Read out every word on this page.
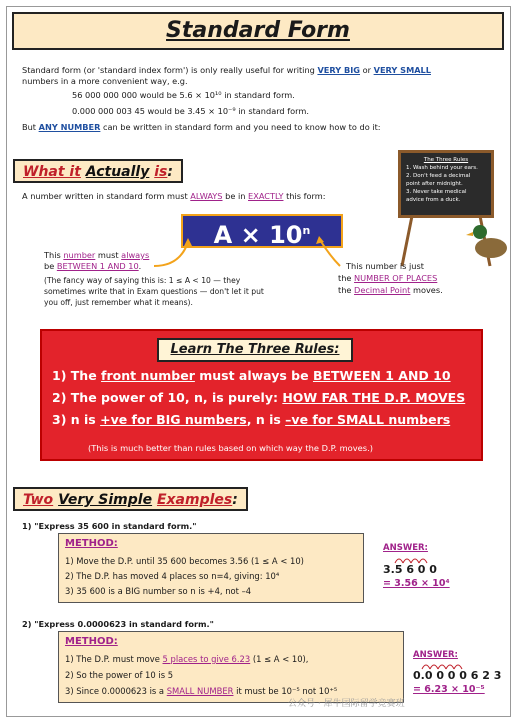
Standard Form
Standard form (or 'standard index form') is only really useful for writing VERY BIG or VERY SMALL
numbers in a more convenient way, e.g.
56 000 000 000 would be 5.6 × 10¹⁰ in standard form.
0.000 000 003 45 would be 3.45 × 10⁻⁹ in standard form.
But ANY NUMBER can be written in standard form and you need to know how to do it:
What it Actually is:
A number written in standard form must ALWAYS be in EXACTLY this form:
The Three Rules
1. Wash behind your ears.
2. Don't feed a decimal point after midnight.
3. Never take medical advice from a duck.
$A \times 10^n$
This number must always
be BETWEEN 1 AND 10.
(The fancy way of saying this is: 1 ≤ A < 10 — they
sometimes write that in Exam questions — don't let it put
you off, just remember what it means).
This number is just
the NUMBER OF PLACES
the Decimal Point moves.
Learn The Three Rules:
1) The front number must always be BETWEEN 1 AND 10
2) The power of 10, n, is purely: HOW FAR THE D.P. MOVES
3) n is +ve for BIG numbers, n is –ve for SMALL numbers
(This is much better than rules based on which way the D.P. moves.)
Two Very Simple Examples:
1) "Express 35 600 in standard form."
METHOD:
1) Move the D.P. until 35 600 becomes 3.56 (1 ≤ A < 10)
2) The D.P. has moved 4 places so n=4, giving: 10⁴
3) 35 600 is a BIG number so n is +4, not –4
ANSWER:
3.5 6 0 0
= 3.56 × 10⁴
2) "Express 0.0000623 in standard form."
METHOD:
1) The D.P. must move 5 places to give 6.23 (1 ≤ A < 10),
2) So the power of 10 is 5
3) Since 0.0000623 is a SMALL NUMBER it must be 10⁻⁵ not 10⁺⁵
ANSWER:
0.0 0 0 0 6 2 3
= 6.23 × 10⁻⁵
公众号 · 犀牛国际留学竞赛班
